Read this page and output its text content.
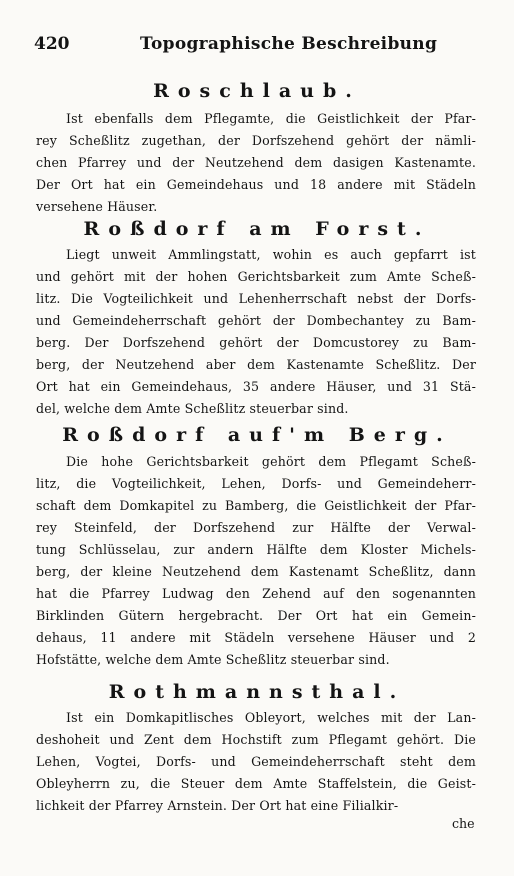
420	Topographische Beschreibung
Roschlaub.
Ist ebenfalls dem Pflegamte, die Geistlichkeit der Pfar-
rey Scheßlitz zugethan, der Dorfszehend gehört der nämli-
chen Pfarrey und der Neutzehend dem dasigen Kastenamte.
Der Ort hat ein Gemeindehaus und 18 andere mit Städeln
versehene Häuser.
Roßdorf am Forst.
Liegt unweit Ammlingstatt, wohin es auch gepfarrt ist
und gehört mit der hohen Gerichtsbarkeit zum Amte Scheß-
litz. Die Vogteilichkeit und Lehenherrschaft nebst der Dorfs-
und Gemeindeherrschaft gehört der Dombechantey zu Bam-
berg. Der Dorfszehend gehört der Domcustorey zu Bam-
berg, der Neutzehend aber dem Kastenamte Scheßlitz. Der
Ort hat ein Gemeindehaus, 35 andere Häuser, und 31 Stä-
del, welche dem Amte Scheßlitz steuerbar sind.
Roßdorf auf'm Berg.
Die hohe Gerichtsbarkeit gehört dem Pflegamt Scheß-
litz, die Vogteilichkeit, Lehen, Dorfs- und Gemeindeherr-
schaft dem Domkapitel zu Bamberg, die Geistlichkeit der Pfar-
rey Steinfeld, der Dorfszehend zur Hälfte der Verwal-
tung Schlüsselau, zur andern Hälfte dem Kloster Michels-
berg, der kleine Neutzehend dem Kastenamt Scheßlitz, dann
hat die Pfarrey Ludwag den Zehend auf den sogenannten
Birklinden Gütern hergebracht. Der Ort hat ein Gemein-
dehaus, 11 andere mit Städeln versehene Häuser und 2
Hofstätte, welche dem Amte Scheßlitz steuerbar sind.
Rothmannsthal.
Ist ein Domkapitlisches Obleyort, welches mit der Lan-
deshoheit und Zent dem Hochstift zum Pflegamt gehört. Die
Lehen, Vogtei, Dorfs- und Gemeindeherrschaft steht dem
Obleyherrn zu, die Steuer dem Amte Staffelstein, die Geist-
lichkeit der Pfarrey Arnstein. Der Ort hat eine Filialkir-
che
